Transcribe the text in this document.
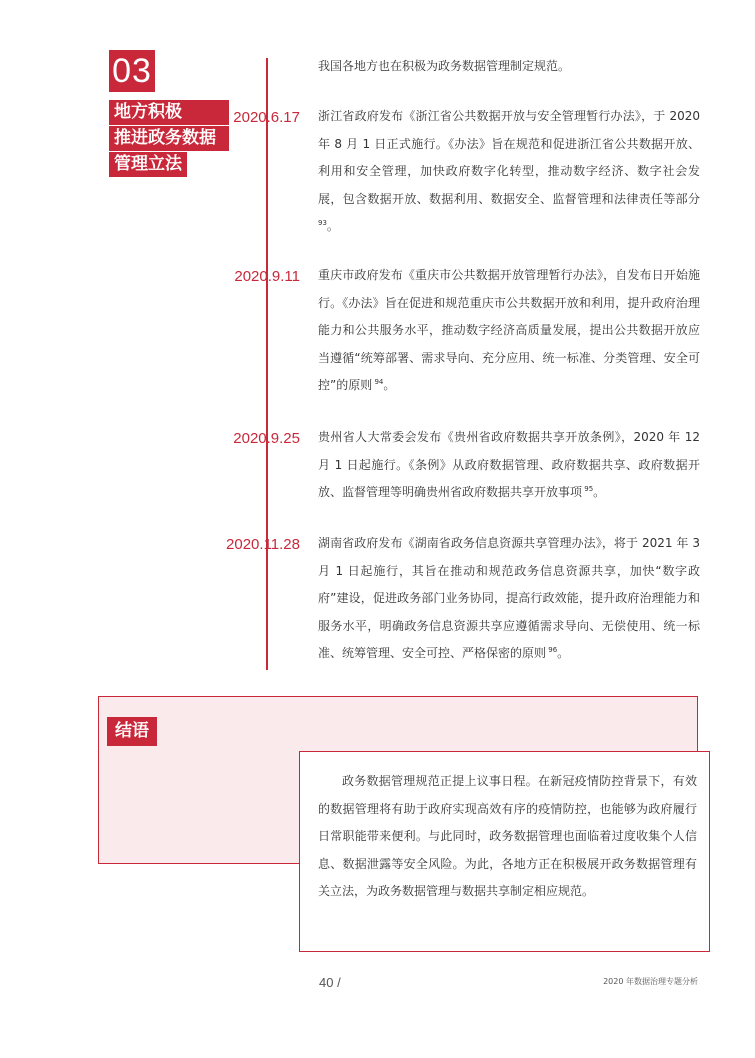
03
地方积极
推进政务数据
管理立法
我国各地方也在积极为政务数据管理制定规范。
2020.6.17 浙江省政府发布《浙江省公共数据开放与安全管理暂行办法》，于 2020 年 8 月 1 日正式施行。《办法》旨在规范和促进浙江省公共数据开放、利用和安全管理，加快政府数字化转型，推动数字经济、数字社会发展，包含数据开放、数据利用、数据安全、监督管理和法律责任等部分 $^{93}$。
2020.9.11 重庆市政府发布《重庆市公共数据开放管理暂行办法》，自发布日开始施行。《办法》旨在促进和规范重庆市公共数据开放和利用，提升政府治理能力和公共服务水平，推动数字经济高质量发展，提出公共数据开放应当遵循“统筹部署、需求导向、充分应用、统一标准、分类管理、安全可控”的原则 $^{94}$。
2020.9.25 贵州省人大常委会发布《贵州省政府数据共享开放条例》，2020 年 12 月 1 日起施行。《条例》从政府数据管理、政府数据共享、政府数据开放、监督管理等明确贵州省政府数据共享开放事项 $^{95}$。
2020.11.28 湖南省政府发布《湖南省政务信息资源共享管理办法》，将于 2021 年 3 月 1 日起施行，其旨在推动和规范政务信息资源共享，加快“数字政府”建设，促进政务部门业务协同，提高行政效能，提升政府治理能力和服务水平，明确政务信息资源共享应遵循需求导向、无偿使用、统一标准、统筹管理、安全可控、严格保密的原则 $^{96}$。
结语

政务数据管理规范正提上议事日程。在新冠疫情防控背景下，有效的数据管理将有助于政府实现高效有序的疫情防控，也能够为政府履行日常职能带来便利。与此同时，政务数据管理也面临着过度收集个人信息、数据泄露等安全风险。为此，各地方正在积极展开政务数据管理有关立法，为政务数据管理与数据共享制定相应规范。

40 /	2020 年数据治理专题分析
